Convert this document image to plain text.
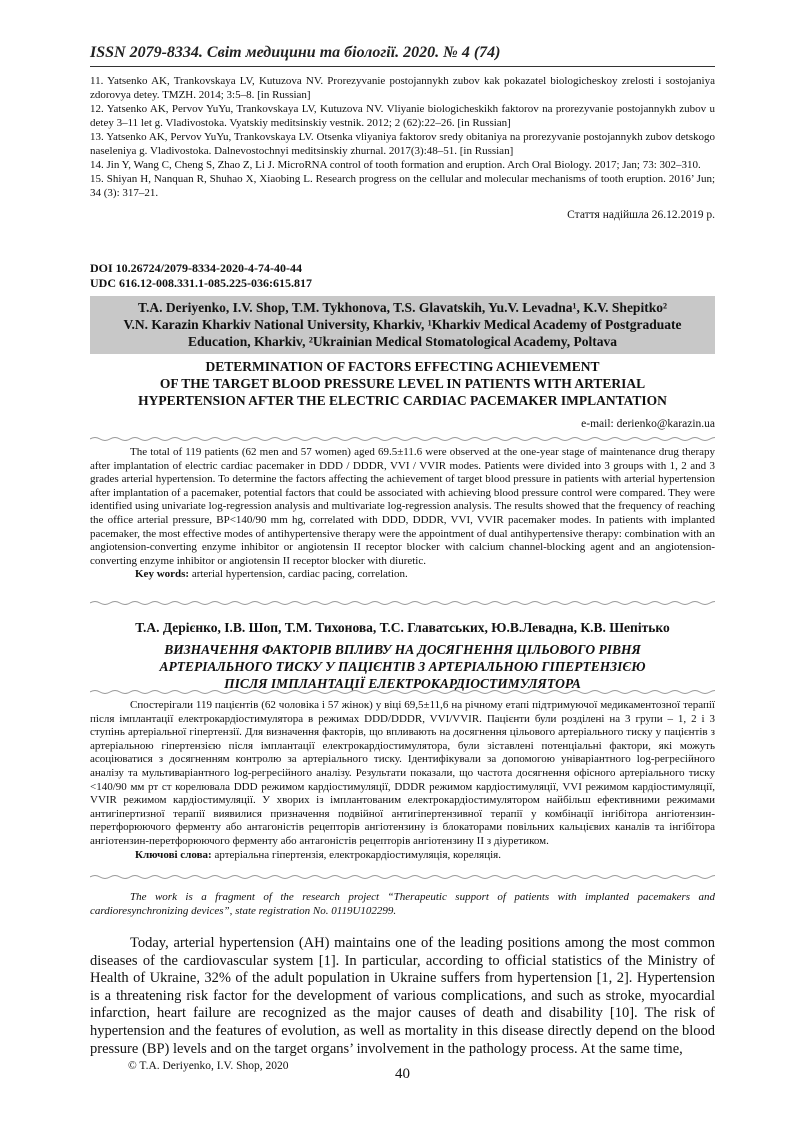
ISSN 2079-8334. Світ медицини та біології. 2020. № 4 (74)

11. Yatsenko AK, Trankovskaya LV, Kutuzova NV. Prorezyvanie postojannykh zubov kak pokazatel biologicheskoy zrelosti i sostojaniya zdorovya detey. TMZH. 2014; 3:5–8. [in Russian]

12. Yatsenko AK, Pervov YuYu, Trankovskaya LV, Kutuzova NV. Vliyanie biologicheskikh faktorov na prorezyvanie postojannykh zubov u detey 3–11 let g. Vladivostoka. Vyatskiy meditsinskiy vestnik. 2012; 2 (62):22–26. [in Russian]

13. Yatsenko AK, Pervov YuYu, Trankovskaya LV. Otsenka vliyaniya faktorov sredy obitaniya na prorezyvanie postojannykh zubov detskogo naseleniya g. Vladivostoka. Dalnevostochnyi meditsinskiy zhurnal. 2017(3):48–51. [in Russian]

14. Jin Y, Wang C, Cheng S, Zhao Z, Li J. MicroRNA control of tooth formation and eruption. Arch Oral Biology. 2017; Jan; 73: 302–310.

15. Shiyan H, Nanquan R, Shuhao X, Xiaobing L. Research progress on the cellular and molecular mechanisms of tooth eruption. 2016’ Jun; 34 (3): 317–21.

Стаття надійшла 26.12.2019 р.
DOI 10.26724/2079-8334-2020-4-74-40-44
UDC 616.12-008.331.1-085.225-036:615.817
T.A. Deriyenko, I.V. Shop, T.M. Tykhonova, T.S. Glavatskih, Yu.V. Levadna¹, K.V. Shepitko²
V.N. Karazin Kharkiv National University, Kharkiv, ¹Kharkiv Medical Academy of Postgraduate
Education, Kharkiv, ²Ukrainian Medical Stomatological Academy, Poltava
DETERMINATION OF FACTORS EFFECTING ACHIEVEMENT
OF THE TARGET BLOOD PRESSURE LEVEL IN PATIENTS WITH ARTERIAL
HYPERTENSION AFTER THE ELECTRIC CARDIAC PACEMAKER IMPLANTATION
e-mail: derienko@karazin.ua

The total of 119 patients (62 men and 57 women) aged 69.5±11.6 were observed at the one-year stage of maintenance drug therapy after implantation of electric cardiac pacemaker in DDD / DDDR, VVI / VVIR modes. Patients were divided into 3 groups with 1, 2 and 3 grades arterial hypertension. To determine the factors affecting the achievement of target blood pressure in patients with arterial hypertension after implantation of a pacemaker, potential factors that could be associated with achieving blood pressure control were compared. They were identified using univariate log-regression analysis and multivariate log-regression analysis. The results showed that the frequency of reaching the office arterial pressure, BP<140/90 mm hg, correlated with DDD, DDDR, VVI, VVIR pacemaker modes. In patients with implanted pacemaker, the most effective modes of antihypertensive therapy were the appointment of dual antihypertensive therapy: combination with an angiotension-converting enzyme inhibitor or angiotensin II receptor blocker with calcium channel-blocking agent and an angiotension-converting enzyme inhibitor or angiotensin II receptor blocker with diuretic.

Key words: arterial hypertension, cardiac pacing, correlation.

Т.А. Дерієнко, І.В. Шоп, Т.М. Тихонова, Т.С. Главатських, Ю.В.Левадна, К.В. Шепітько
ВИЗНАЧЕННЯ ФАКТОРІВ ВПЛИВУ НА ДОСЯГНЕННЯ ЦІЛЬОВОГО РІВНЯ
АРТЕРІАЛЬНОГО ТИСКУ У ПАЦІЄНТІВ З АРТЕРІАЛЬНОЮ ГІПЕРТЕНЗІЄЮ
ПІСЛЯ ІМПЛАНТАЦІЇ ЕЛЕКТРОКАРДІОСТИМУЛЯТОРА

Спостерігали 119 пацієнтів (62 чоловіка і 57 жінок) у віці 69,5±11,6 на річному етапі підтримуючої медикаментозної терапії після імплантації електрокардіостимулятора в режимах DDD/DDDR, VVI/VVIR. Пацієнти були розділені на 3 групи – 1, 2 і 3 ступінь артеріальної гіпертензії. Для визначення факторів, що впливають на досягнення цільового артеріального тиску у пацієнтів з артеріальною гіпертензією після імплантації електрокардіостимулятора, були зіставлені потенціальні фактори, які можуть асоціюватися з досягненням контролю за артеріального тиску. Ідентифікували за допомогою уніваріантного log-регресійного аналізу та мультиваріантного log-регресійного аналізу. Результати показали, що частота досягнення офісного артеріального тиску <140/90 мм рт ст корелювала DDD режимом кардіостимуляції, DDDR режимом кардіостимуляції, VVI режимом кардіостимуляції, VVIR режимом кардіостимуляції. У хворих із імплантованим електрокардіостимулятором найбільш ефективними режимами антигіпертизної терапії виявилися призначення подвійної антигіпертензивної терапії у комбінації інгібітора ангіотензин-перетфорюючого ферменту або антагоністів рецепторів ангіотензину із блокаторами повільних кальцієвих каналів та інгібітора ангіотензин-перетфорюючого ферменту або антагоністів рецепторів ангіотензину II з діуретиком.

Ключові слова: артеріальна гіпертензія, електрокардіостимуляція, кореляція.

The work is a fragment of the research project “Therapeutic support of patients with implanted pacemakers and cardioresynchronizing devices”, state registration No. 0119U102299.

Today, arterial hypertension (AH) maintains one of the leading positions among the most common diseases of the cardiovascular system [1]. In particular, according to official statistics of the Ministry of Health of Ukraine, 32% of the adult population in Ukraine suffers from hypertension [1, 2]. Hypertension is a threatening risk factor for the development of various complications, and such as stroke, myocardial infarction, heart failure are recognized as the major causes of death and disability [10]. The risk of hypertension and the features of evolution, as well as mortality in this disease directly depend on the blood pressure (BP) levels and on the target organs’ involvement in the pathology process. At the same time,

© T.A. Deriyenko, I.V. Shop, 2020	40
